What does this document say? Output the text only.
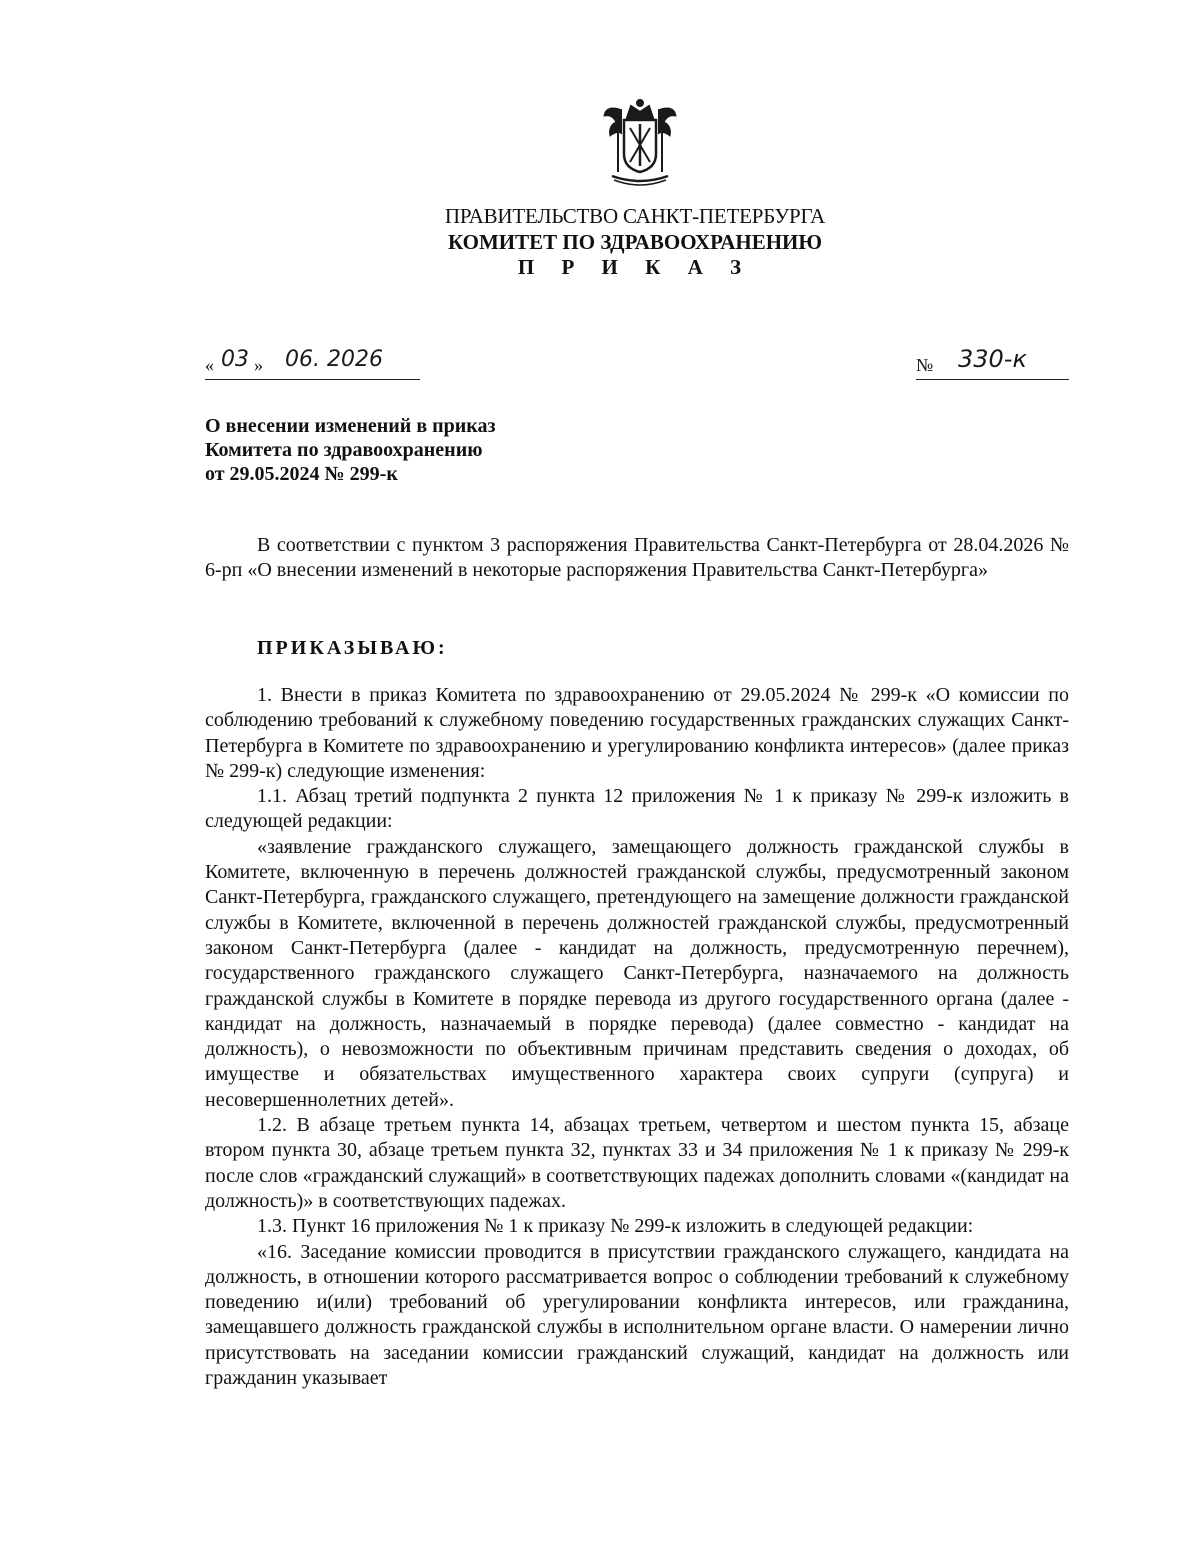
ПРАВИТЕЛЬСТВО САНКТ-ПЕТЕРБУРГА
КОМИТЕТ ПО ЗДРАВООХРАНЕНИЮ
П Р И К А З
« 03 » 06. 2026	№ 330-к
О внесении изменений в приказ
Комитета по здравоохранению
от 29.05.2024 № 299-к

В соответствии с пунктом 3 распоряжения Правительства Санкт-Петербурга от 28.04.2026 № 6-рп «О внесении изменений в некоторые распоряжения Правительства Санкт-Петербурга»

ПРИКАЗЫВАЮ:

1. Внести в приказ Комитета по здравоохранению от 29.05.2024 № 299-к «О комиссии по соблюдению требований к служебному поведению государственных гражданских служащих Санкт-Петербурга в Комитете по здравоохранению и урегулированию конфликта интересов» (далее приказ № 299-к) следующие изменения:

1.1. Абзац третий подпункта 2 пункта 12 приложения № 1 к приказу № 299-к изложить в следующей редакции:

«заявление гражданского служащего, замещающего должность гражданской службы в Комитете, включенную в перечень должностей гражданской службы, предусмотренный законом Санкт-Петербурга, гражданского служащего, претендующего на замещение должности гражданской службы в Комитете, включенной в перечень должностей гражданской службы, предусмотренный законом Санкт-Петербурга (далее - кандидат на должность, предусмотренную перечнем), государственного гражданского служащего Санкт-Петербурга, назначаемого на должность гражданской службы в Комитете в порядке перевода из другого государственного органа (далее - кандидат на должность, назначаемый в порядке перевода) (далее совместно - кандидат на должность), о невозможности по объективным причинам представить сведения о доходах, об имуществе и обязательствах имущественного характера своих супруги (супруга) и несовершеннолетних детей».

1.2. В абзаце третьем пункта 14, абзацах третьем, четвертом и шестом пункта 15, абзаце втором пункта 30, абзаце третьем пункта 32, пунктах 33 и 34 приложения № 1 к приказу № 299-к после слов «гражданский служащий» в соответствующих падежах дополнить словами «(кандидат на должность)» в соответствующих падежах.

1.3. Пункт 16 приложения № 1 к приказу № 299-к изложить в следующей редакции:

«16. Заседание комиссии проводится в присутствии гражданского служащего, кандидата на должность, в отношении которого рассматривается вопрос о соблюдении требований к служебному поведению и(или) требований об урегулировании конфликта интересов, или гражданина, замещавшего должность гражданской службы в исполнительном органе власти. О намерении лично присутствовать на заседании комиссии гражданский служащий, кандидат на должность или гражданин указывает
